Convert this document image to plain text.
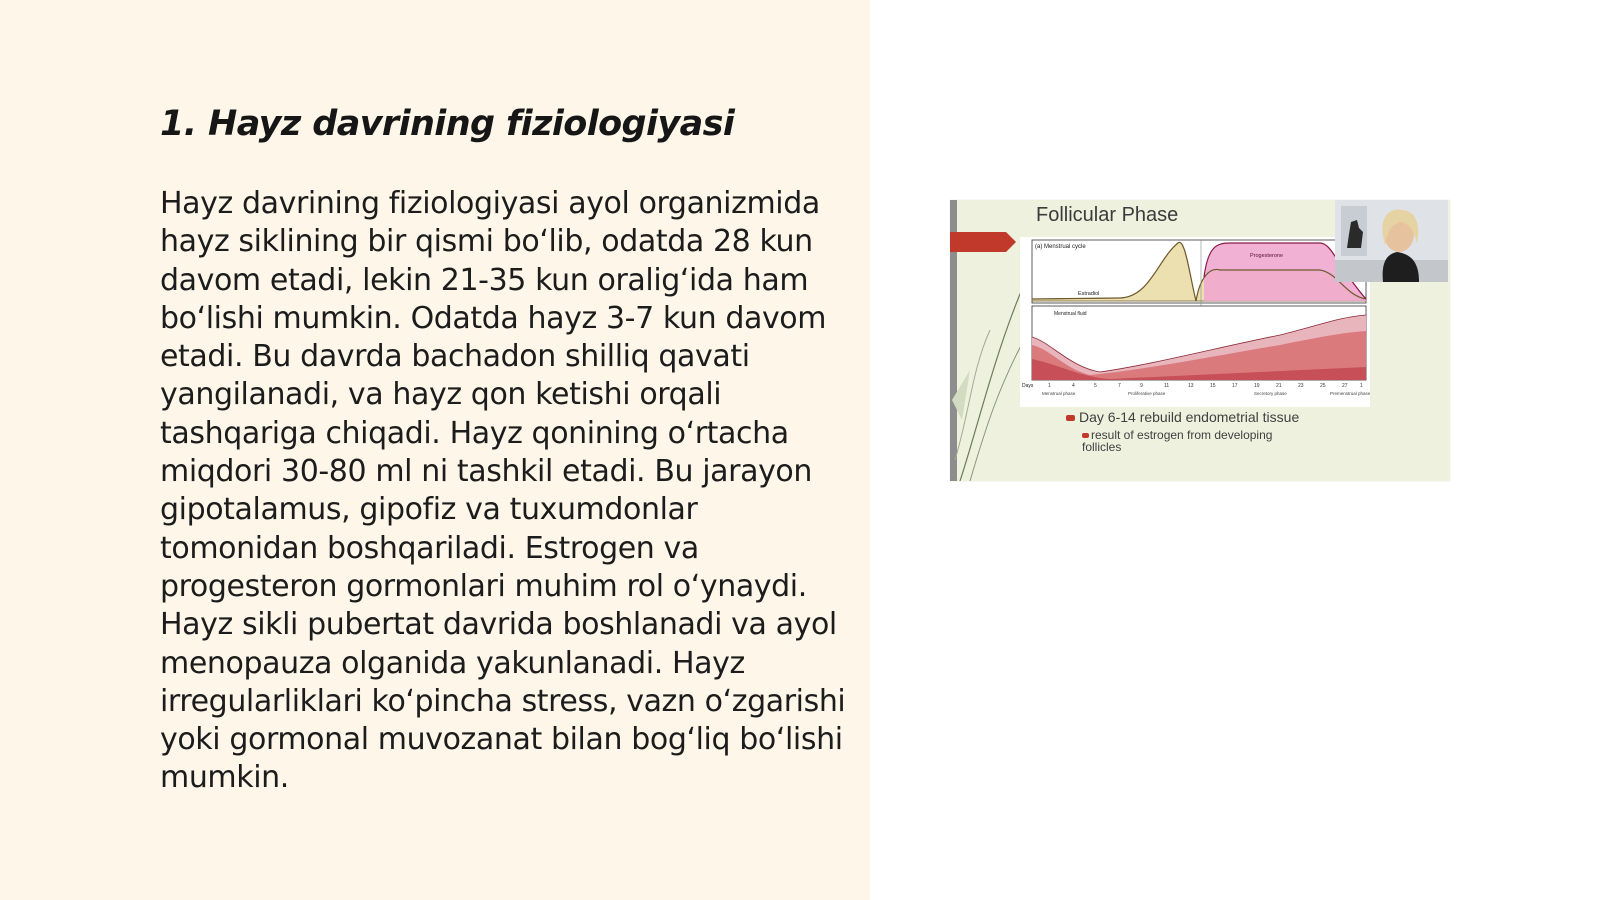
1. Hayz davrining fiziologiyasi

Hayz davrining fiziologiyasi ayol organizmida hayz siklining bir qismi bo‘lib, odatda 28 kun davom etadi, lekin 21-35 kun oralig‘ida ham bo‘lishi mumkin. Odatda hayz 3-7 kun davom etadi. Bu davrda bachadon shilliq qavati yangilanadi, va hayz qon ketishi orqali tashqariga chiqadi. Hayz qonining o‘rtacha miqdori 30-80 ml ni tashkil etadi. Bu jarayon gipotalamus, gipofiz va tuxumdonlar tomonidan boshqariladi. Estrogen va progesteron gormonlari muhim rol o‘ynaydi. Hayz sikli pubertat davrida boshlanadi va ayol menopauza olganida yakunlanadi. Hayz irregularliklari ko‘pincha stress, vazn o‘zgarishi yoki gormonal muvozanat bilan bog‘liq bo‘lishi mumkin.

Follicular Phase
(a) Menstrual cycle
Estradiol
Progesterone
Menstrual fluid
Days	1	4	5	7	9	11	13	15	17	19	21	23	25	27 1
Menstrual phase	Proliferative phase	Secretory phase	Premenstrual phase
Day 6-14 rebuild endometrial tissue
result of estrogen from developing follicles
